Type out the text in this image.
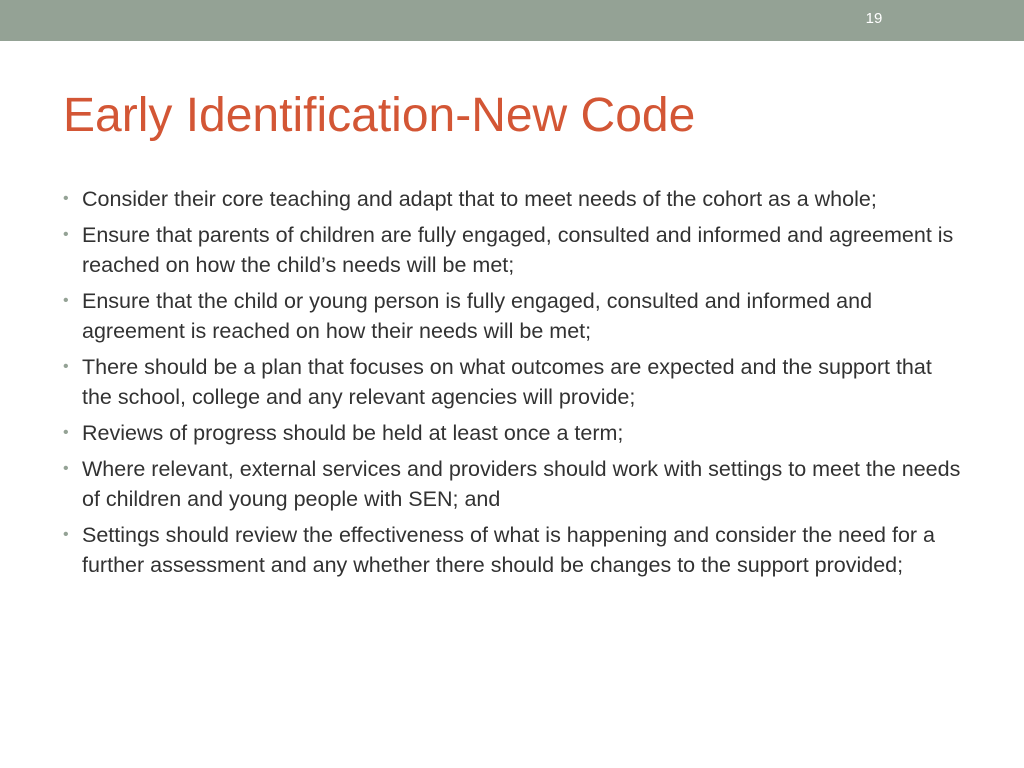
19
Early Identification-New Code
• Consider their core teaching and adapt that to meet needs of the cohort as a whole;
• Ensure that parents of children are fully engaged, consulted and informed and agreement is reached on how the child’s needs will be met;
• Ensure that the child or young person is fully engaged, consulted and informed and agreement is reached on how their needs will be met;
• There should be a plan that focuses on what outcomes are expected and the support that the school, college and any relevant agencies will provide;
• Reviews of progress should be held at least once a term;
• Where relevant, external services and providers should work with settings to meet the needs of children and young people with SEN; and
• Settings should review the effectiveness of what is happening and consider the need for a further assessment and any whether there should be changes to the support provided;
